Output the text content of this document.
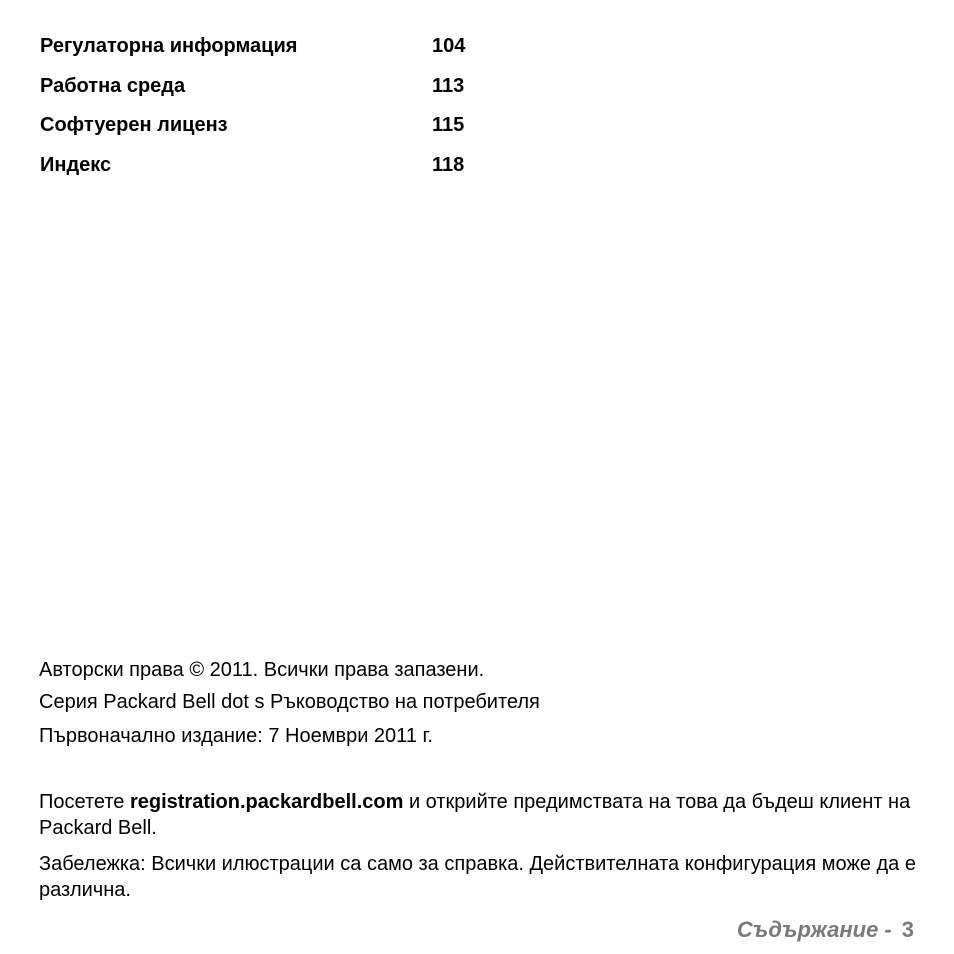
Регулаторна информация	104
Работна среда	113
Софтуерен лиценз	115
Индекс	118

Авторски права © 2011. Всички права запазени.

Серия Packard Bell dot s Ръководство на потребителя

Първоначално издание: 7 Ноември 2011 г.

Посетете registration.packardbell.com и открийте предимствата на това да бъдеш клиент на Packard Bell.

Забележка: Всички илюстрации са само за справка. Действителната конфигурация може да е различна.

Съдържание - 3
